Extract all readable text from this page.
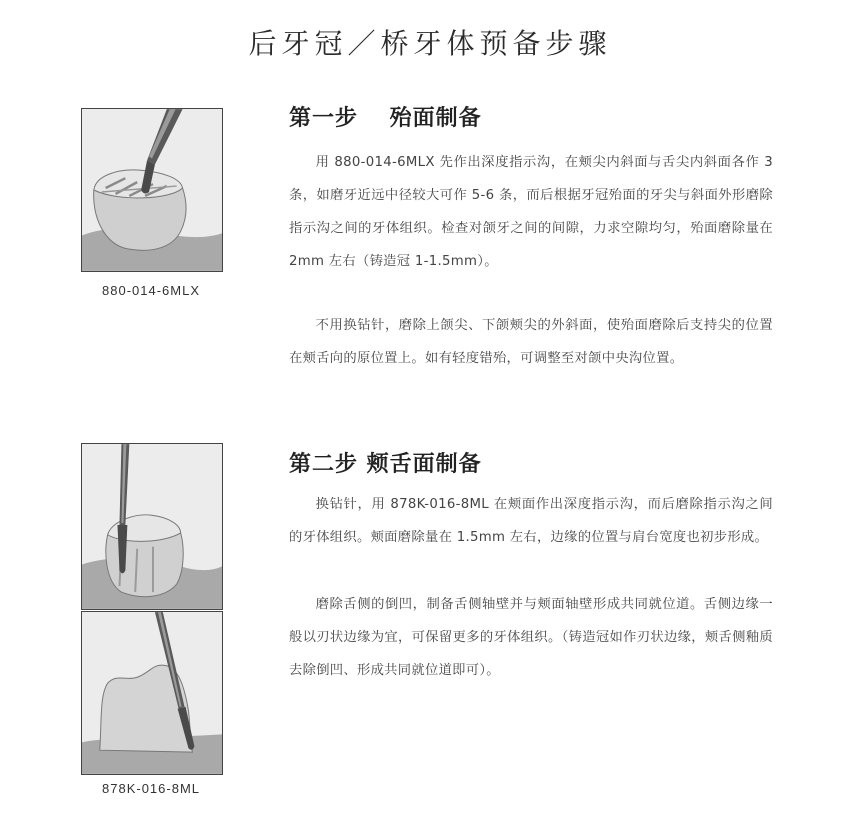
后牙冠／桥牙体预备步骤
880-014-6MLX
第一步　 殆面制备

用 880-014-6MLX 先作出深度指示沟，在颊尖内斜面与舌尖内斜面各作 3 条，如磨牙近远中径较大可作 5-6 条，而后根据牙冠殆面的牙尖与斜面外形磨除指示沟之间的牙体组织。检查对颌牙之间的间隙，力求空隙均匀，殆面磨除量在 2mm 左右（铸造冠 1-1.5mm）。

不用换钻针，磨除上颌尖、下颌颊尖的外斜面，使殆面磨除后支持尖的位置在颊舌向的原位置上。如有轻度错殆，可调整至对颌中央沟位置。

878K-016-8ML
第二步 颊舌面制备

换钻针，用 878K-016-8ML 在颊面作出深度指示沟，而后磨除指示沟之间的牙体组织。颊面磨除量在 1.5mm 左右，边缘的位置与肩台宽度也初步形成。

磨除舌侧的倒凹，制备舌侧轴壁并与颊面轴壁形成共同就位道。舌侧边缘一般以刃状边缘为宜，可保留更多的牙体组织。（铸造冠如作刃状边缘，颊舌侧釉质去除倒凹、形成共同就位道即可）。
